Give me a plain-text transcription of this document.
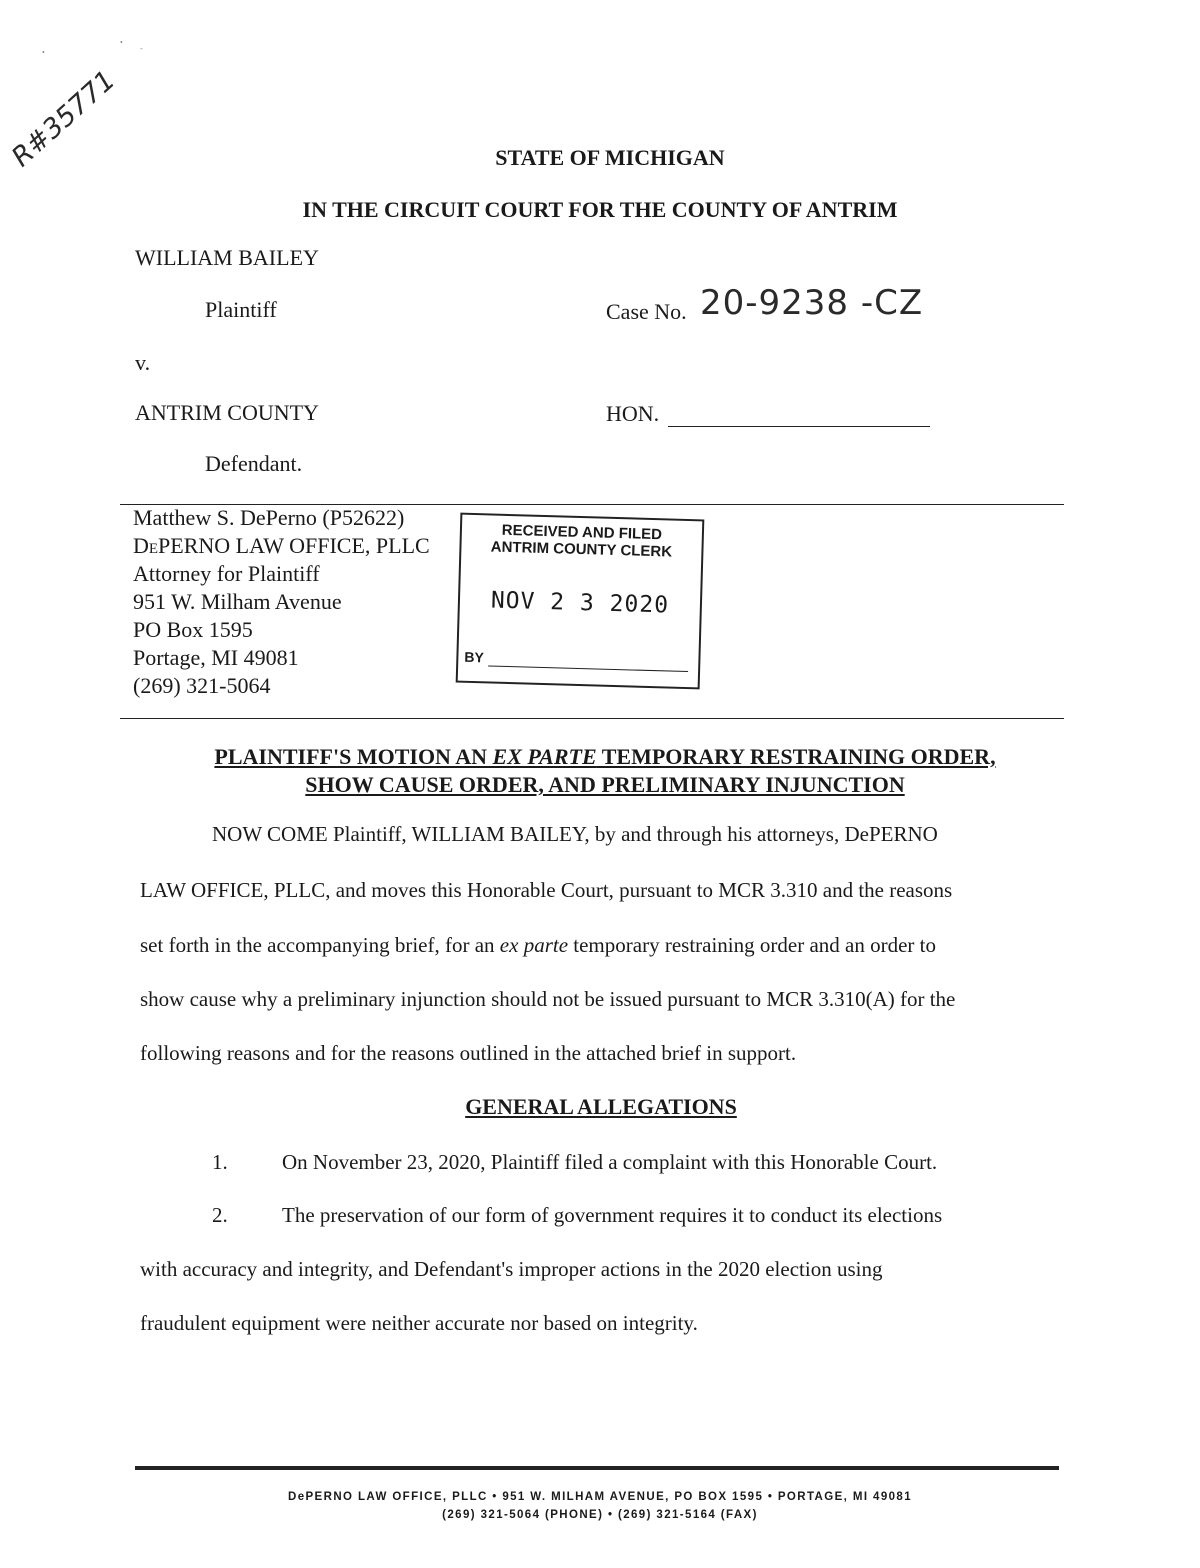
•
•
-
R#35771	STATE OF MICHIGAN
IN THE CIRCUIT COURT FOR THE COUNTY OF ANTRIM
WILLIAM BAILEY
Plaintiff
v.
ANTRIM COUNTY
Defendant.
Case No. 20-9238 -CZ
HON.
Matthew S. DePerno (P52622)
DePERNO LAW OFFICE, PLLC
Attorney for Plaintiff
951 W. Milham Avenue
PO Box 1595
Portage, MI 49081
(269) 321-5064
RECEIVED AND FILED
ANTRIM COUNTY CLERK
NOV 2 3 2020
BY
PLAINTIFF'S MOTION AN EX PARTE TEMPORARY RESTRAINING ORDER,
SHOW CAUSE ORDER, AND PRELIMINARY INJUNCTION
NOW COME Plaintiff, WILLIAM BAILEY, by and through his attorneys, DePERNO
LAW OFFICE, PLLC, and moves this Honorable Court, pursuant to MCR 3.310 and the reasons
set forth in the accompanying brief, for an ex parte temporary restraining order and an order to
show cause why a preliminary injunction should not be issued pursuant to MCR 3.310(A) for the
following reasons and for the reasons outlined in the attached brief in support.
GENERAL ALLEGATIONS
1.	On November 23, 2020, Plaintiff filed a complaint with this Honorable Court.
2.	The preservation of our form of government requires it to conduct its elections
with accuracy and integrity, and Defendant's improper actions in the 2020 election using
fraudulent equipment were neither accurate nor based on integrity.
DePERNO LAW OFFICE, PLLC • 951 W. MILHAM AVENUE, PO BOX 1595 • PORTAGE, MI 49081
(269) 321-5064 (PHONE) • (269) 321-5164 (FAX)
